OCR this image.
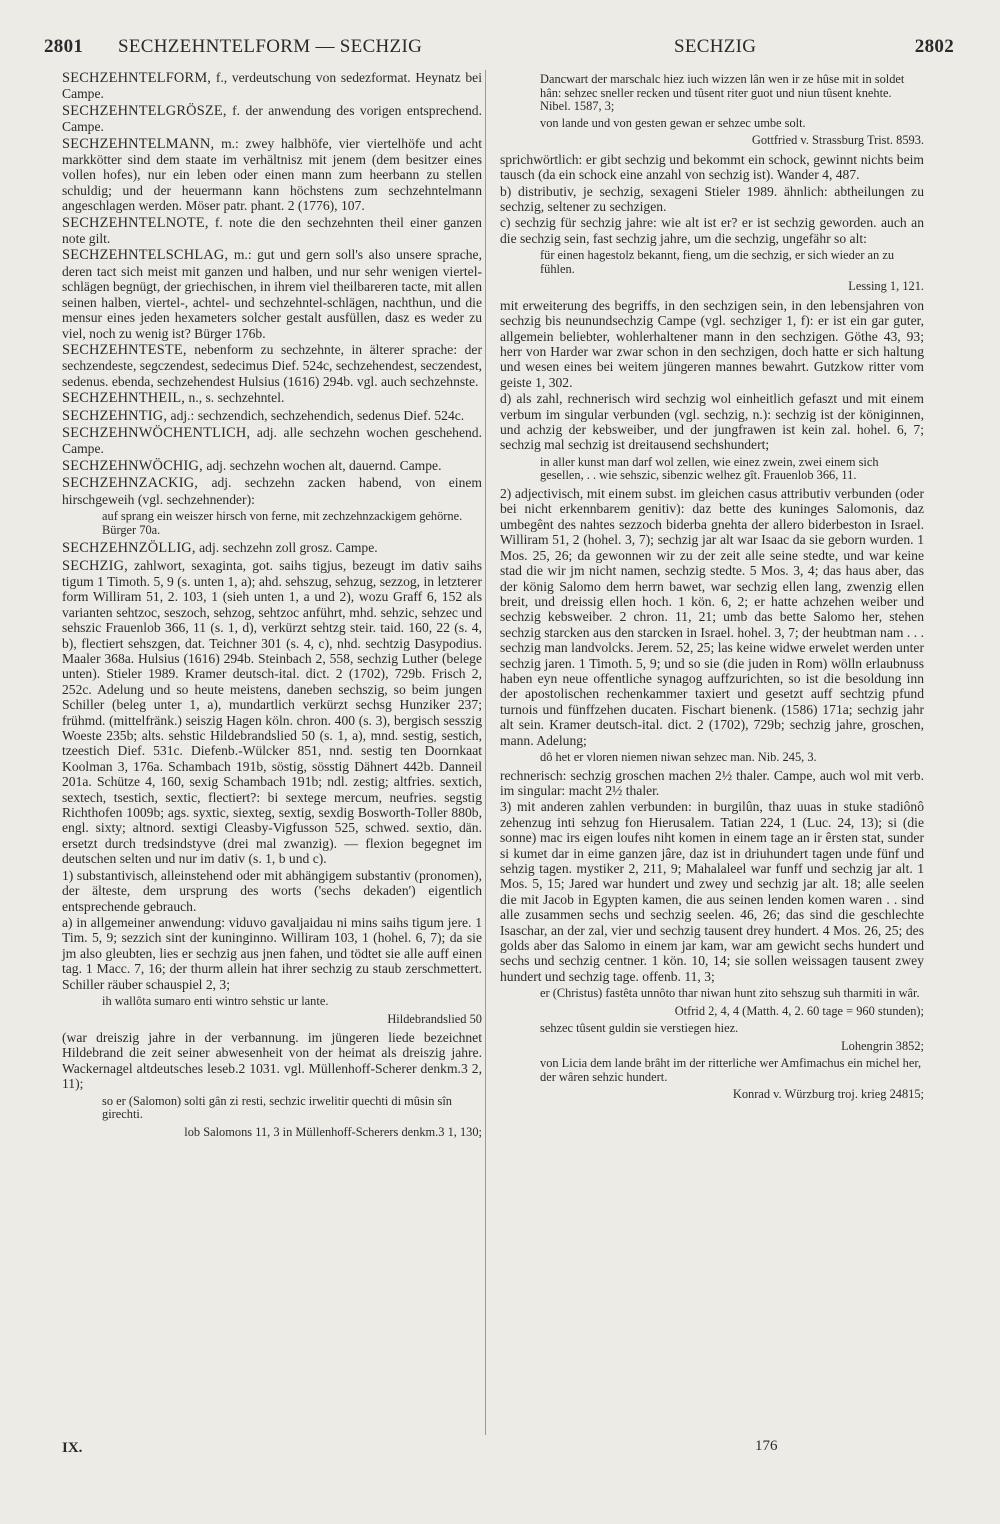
2801 SECHZEHNTELFORM — SECHZIG	SECHZIG	2802

SECHZEHNTELFORM, f., verdeutschung von sedezformat. Heynatz bei Campe.

SECHZEHNTELGRÖSZE, f. der anwendung des vorigen entsprechend. Campe.

SECHZEHNTELMANN, m.: zwey halbhöfe, vier viertelhöfe und acht markkötter sind dem staate im verhältnisz mit jenem (dem besitzer eines vollen hofes), nur ein leben oder einen mann zum heerbann zu stellen schuldig; und der heuermann kann höchstens zum sechzehntelmann angeschlagen werden. Möser patr. phant. 2 (1776), 107.

SECHZEHNTELNOTE, f. note die den sechzehnten theil einer ganzen note gilt.

SECHZEHNTELSCHLAG, m.: gut und gern soll's also unsere sprache, deren tact sich meist mit ganzen und halben, und nur sehr wenigen viertel-schlägen begnügt, der griechischen, in ihrem viel theilbareren tacte, mit allen seinen halben, viertel-, achtel- und sechzehntel-schlägen, nachthun, und die mensur eines jeden hexameters solcher gestalt ausfüllen, dasz es weder zu viel, noch zu wenig ist? Bürger 176b.

SECHZEHNTESTE, nebenform zu sechzehnte, in älterer sprache: der sechzendeste, segczendest, sedecimus Dief. 524c, sechzehendest, seczendest, sedenus. ebenda, sechzehendest Hulsius (1616) 294b. vgl. auch sechzehnste.

SECHZEHNTHEIL, n., s. sechzehntel.

SECHZEHNTIG, adj.: sechzendich, sechzehendich, sedenus Dief. 524c.

SECHZEHNWÖCHENTLICH, adj. alle sechzehn wochen geschehend. Campe.

SECHZEHNWÖCHIG, adj. sechzehn wochen alt, dauernd. Campe.

SECHZEHNZACKIG, adj. sechzehn zacken habend, von einem hirschgeweih (vgl. sechzehnender):

auf sprang ein weiszer hirsch von ferne, mit zechzehnzackigem gehörne. Bürger 70a.

SECHZEHNZÖLLIG, adj. sechzehn zoll grosz. Campe.

SECHZIG, zahlwort, sexaginta, got. saihs tigjus, bezeugt im dativ saihs tigum 1 Timoth. 5, 9 (s. unten 1, a); ahd. sehszug, sehzug, sezzog, in letzterer form Williram 51, 2. 103, 1 (sieh unten 1, a und 2), wozu Graff 6, 152 als varianten sehtzoc, seszoch, sehzog, sehtzoc anführt, mhd. sehzic, sehzec und sehszic Frauenlob 366, 11 (s. 1, d), verkürzt sehtzg steir. taid. 160, 22 (s. 4, b), flectiert sehszgen, dat. Teichner 301 (s. 4, c), nhd. sechtzig Dasypodius. Maaler 368a. Hulsius (1616) 294b. Steinbach 2, 558, sechzig Luther (belege unten). Stieler 1989. Kramer deutsch-ital. dict. 2 (1702), 729b. Frisch 2, 252c. Adelung und so heute meistens, daneben sechszig, so beim jungen Schiller (beleg unter 1, a), mundartlich verkürzt sechsg Hunziker 237; frühmd. (mittelfränk.) seiszig Hagen köln. chron. 400 (s. 3), bergisch sesszig Woeste 235b; alts. sehstic Hildebrandslied 50 (s. 1, a), mnd. sestig, sestich, tzeestich Dief. 531c. Diefenb.-Wülcker 851, nnd. sestig ten Doornkaat Koolman 3, 176a. Schambach 191b, söstig, sösstig Dähnert 442b. Danneil 201a. Schütze 4, 160, sexig Schambach 191b; ndl. zestig; altfries. sextich, sextech, tsestich, sextic, flectiert?: bi sextege mercum, neufries. segstig Richthofen 1009b; ags. syxtic, siexteg, sextig, sexdig Bosworth-Toller 880b, engl. sixty; altnord. sextigi Cleasby-Vigfusson 525, schwed. sextio, dän. ersetzt durch tredsindstyve (drei mal zwanzig). — flexion begegnet im deutschen selten und nur im dativ (s. 1, b und c).

1) substantivisch, alleinstehend oder mit abhängigem substantiv (pronomen), der älteste, dem ursprung des worts ('sechs dekaden') eigentlich entsprechende gebrauch.

a) in allgemeiner anwendung: viduvo gavaljaidau ni mins saihs tigum jere. 1 Tim. 5, 9; sezzich sint der kuninginno. Williram 103, 1 (hohel. 6, 7); da sie jm also gleubten, lies er sechzig aus jnen fahen, und tödtet sie alle auff einen tag. 1 Macc. 7, 16; der thurm allein hat ihrer sechzig zu staub zerschmettert. Schiller räuber schauspiel 2, 3;

ih wallôta sumaro enti wintro sehstic ur lante.
Hildebrandslied 50

(war dreiszig jahre in der verbannung. im jüngeren liede bezeichnet Hildebrand die zeit seiner abwesenheit von der heimat als dreiszig jahre. Wackernagel altdeutsches leseb.2 1031. vgl. Müllenhoff-Scherer denkm.3 2, 11);

so er (Salomon) solti gân zi resti, sechzic irwelitir quechti di mûsin sîn girechti.
lob Salomons 11, 3 in Müllenhoff-Scherers denkm.3 1, 130;
Dancwart der marschalc hiez iuch wizzen lân wen ir ze hûse mit in soldet hân: sehzec sneller recken und tûsent riter guot und niun tûsent knehte. Nibel. 1587, 3;
von lande und von gesten gewan er sehzec umbe solt.
Gottfried v. Strassburg Trist. 8593.

sprichwörtlich: er gibt sechzig und bekommt ein schock, gewinnt nichts beim tausch (da ein schock eine anzahl von sechzig ist). Wander 4, 487.

b) distributiv, je sechzig, sexageni Stieler 1989. ähnlich: abtheilungen zu sechzig, seltener zu sechzigen.

c) sechzig für sechzig jahre: wie alt ist er? er ist sechzig geworden. auch an die sechzig sein, fast sechzig jahre, um die sechzig, ungefähr so alt:

für einen hagestolz bekannt, fieng, um die sechzig, er sich wieder an zu fühlen.
Lessing 1, 121.

mit erweiterung des begriffs, in den sechzigen sein, in den lebensjahren von sechzig bis neunundsechzig Campe (vgl. sechziger 1, f): er ist ein gar guter, allgemein beliebter, wohlerhaltener mann in den sechzigen. Göthe 43, 93; herr von Harder war zwar schon in den sechzigen, doch hatte er sich haltung und wesen eines bei weitem jüngeren mannes bewahrt. Gutzkow ritter vom geiste 1, 302.

d) als zahl, rechnerisch wird sechzig wol einheitlich gefaszt und mit einem verbum im singular verbunden (vgl. sechzig, n.): sechzig ist der königinnen, und achzig der kebsweiber, und der jungfrawen ist kein zal. hohel. 6, 7; sechzig mal sechzig ist dreitausend sechshundert;

in aller kunst man darf wol zellen, wie einez zwein, zwei einem sich gesellen, . . wie sehszic, sibenzic welhez gît. Frauenlob 366, 11.

2) adjectivisch, mit einem subst. im gleichen casus attributiv verbunden (oder bei nicht erkennbarem genitiv): daz bette des kuninges Salomonis, daz umbegênt des nahtes sezzoch biderba gnehta der allero biderbeston in Israel. Williram 51, 2 (hohel. 3, 7); sechzig jar alt war Isaac da sie geborn wurden. 1 Mos. 25, 26; da gewonnen wir zu der zeit alle seine stedte, und war keine stad die wir jm nicht namen, sechzig stedte. 5 Mos. 3, 4; das haus aber, das der könig Salomo dem herrn bawet, war sechzig ellen lang, zwenzig ellen breit, und dreissig ellen hoch. 1 kön. 6, 2; er hatte achzehen weiber und sechzig kebsweiber. 2 chron. 11, 21; umb das bette Salomo her, stehen sechzig starcken aus den starcken in Israel. hohel. 3, 7; der heubtman nam . . . sechzig man landvolcks. Jerem. 52, 25; las keine widwe erwelet werden unter sechzig jaren. 1 Timoth. 5, 9; und so sie (die juden in Rom) wölln erlaubnuss haben eyn neue offentliche synagog auffzurichten, so ist die besoldung inn der apostolischen rechenkammer taxiert und gesetzt auff sechtzig pfund turnois und fünffzehen ducaten. Fischart bienenk. (1586) 171a; sechzig jahr alt sein. Kramer deutsch-ital. dict. 2 (1702), 729b; sechzig jahre, groschen, mann. Adelung;

dô het er vloren niemen niwan sehzec man. Nib. 245, 3.

rechnerisch: sechzig groschen machen 2½ thaler. Campe, auch wol mit verb. im singular: macht 2½ thaler.

3) mit anderen zahlen verbunden: in burgilûn, thaz uuas in stuke stadiônô zehenzug inti sehzug fon Hierusalem. Tatian 224, 1 (Luc. 24, 13); si (die sonne) mac irs eigen loufes niht komen in einem tage an ir êrsten stat, sunder si kumet dar in eime ganzen jâre, daz ist in driuhundert tagen unde fünf und sehzig tagen. mystiker 2, 211, 9; Mahalaleel war funff und sechzig jar alt. 1 Mos. 5, 15; Jared war hundert und zwey und sechzig jar alt. 18; alle seelen die mit Jacob in Egypten kamen, die aus seinen lenden komen waren . . sind alle zusammen sechs und sechzig seelen. 46, 26; das sind die geschlechte Isaschar, an der zal, vier und sechzig tausent drey hundert. 4 Mos. 26, 25; des golds aber das Salomo in einem jar kam, war am gewicht sechs hundert und sechs und sechzig centner. 1 kön. 10, 14; sie sollen weissagen tausent zwey hundert und sechzig tage. offenb. 11, 3;

er (Christus) fastêta unnôto thar niwan hunt zito sehszug suh tharmiti in wâr.
Otfrid 2, 4, 4 (Matth. 4, 2. 60 tage = 960 stunden);
sehzec tûsent guldin sie verstiegen hiez.
Lohengrin 3852;
von Licia dem lande brâht im der ritterliche wer Amfimachus ein michel her, der wâren sehzic hundert.
Konrad v. Würzburg troj. krieg 24815;
IX.	176
